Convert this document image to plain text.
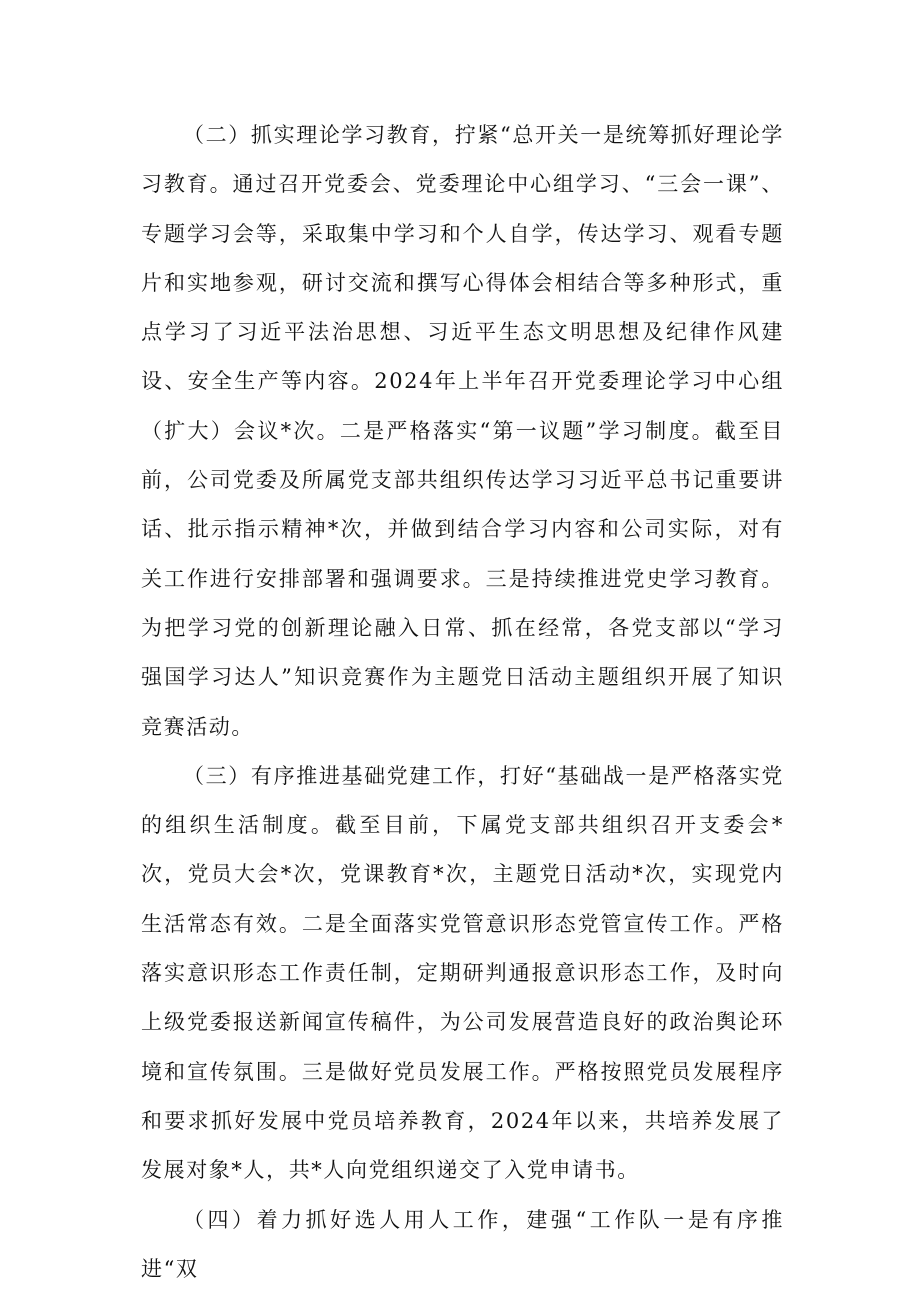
（二）抓实理论学习教育，拧紧“总开关一是统筹抓好理论学习教育。通过召开党委会、党委理论中心组学习、“三会一课”、专题学习会等，采取集中学习和个人自学，传达学习、观看专题片和实地参观，研讨交流和撰写心得体会相结合等多种形式，重点学习了习近平法治思想、习近平生态文明思想及纪律作风建设、安全生产等内容。2024年上半年召开党委理论学习中心组（扩大）会议*次。二是严格落实“第一议题”学习制度。截至目前，公司党委及所属党支部共组织传达学习习近平总书记重要讲话、批示指示精神*次，并做到结合学习内容和公司实际，对有关工作进行安排部署和强调要求。三是持续推进党史学习教育。为把学习党的创新理论融入日常、抓在经常，各党支部以“学习强国学习达人”知识竞赛作为主题党日活动主题组织开展了知识竞赛活动。

（三）有序推进基础党建工作，打好“基础战一是严格落实党的组织生活制度。截至目前，下属党支部共组织召开支委会*次，党员大会*次，党课教育*次，主题党日活动*次，实现党内生活常态有效。二是全面落实党管意识形态党管宣传工作。严格落实意识形态工作责任制，定期研判通报意识形态工作，及时向上级党委报送新闻宣传稿件，为公司发展营造良好的政治舆论环境和宣传氛围。三是做好党员发展工作。严格按照党员发展程序和要求抓好发展中党员培养教育，2024年以来，共培养发展了发展对象*人，共*人向党组织递交了入党申请书。

（四）着力抓好选人用人工作，建强“工作队一是有序推进“双
